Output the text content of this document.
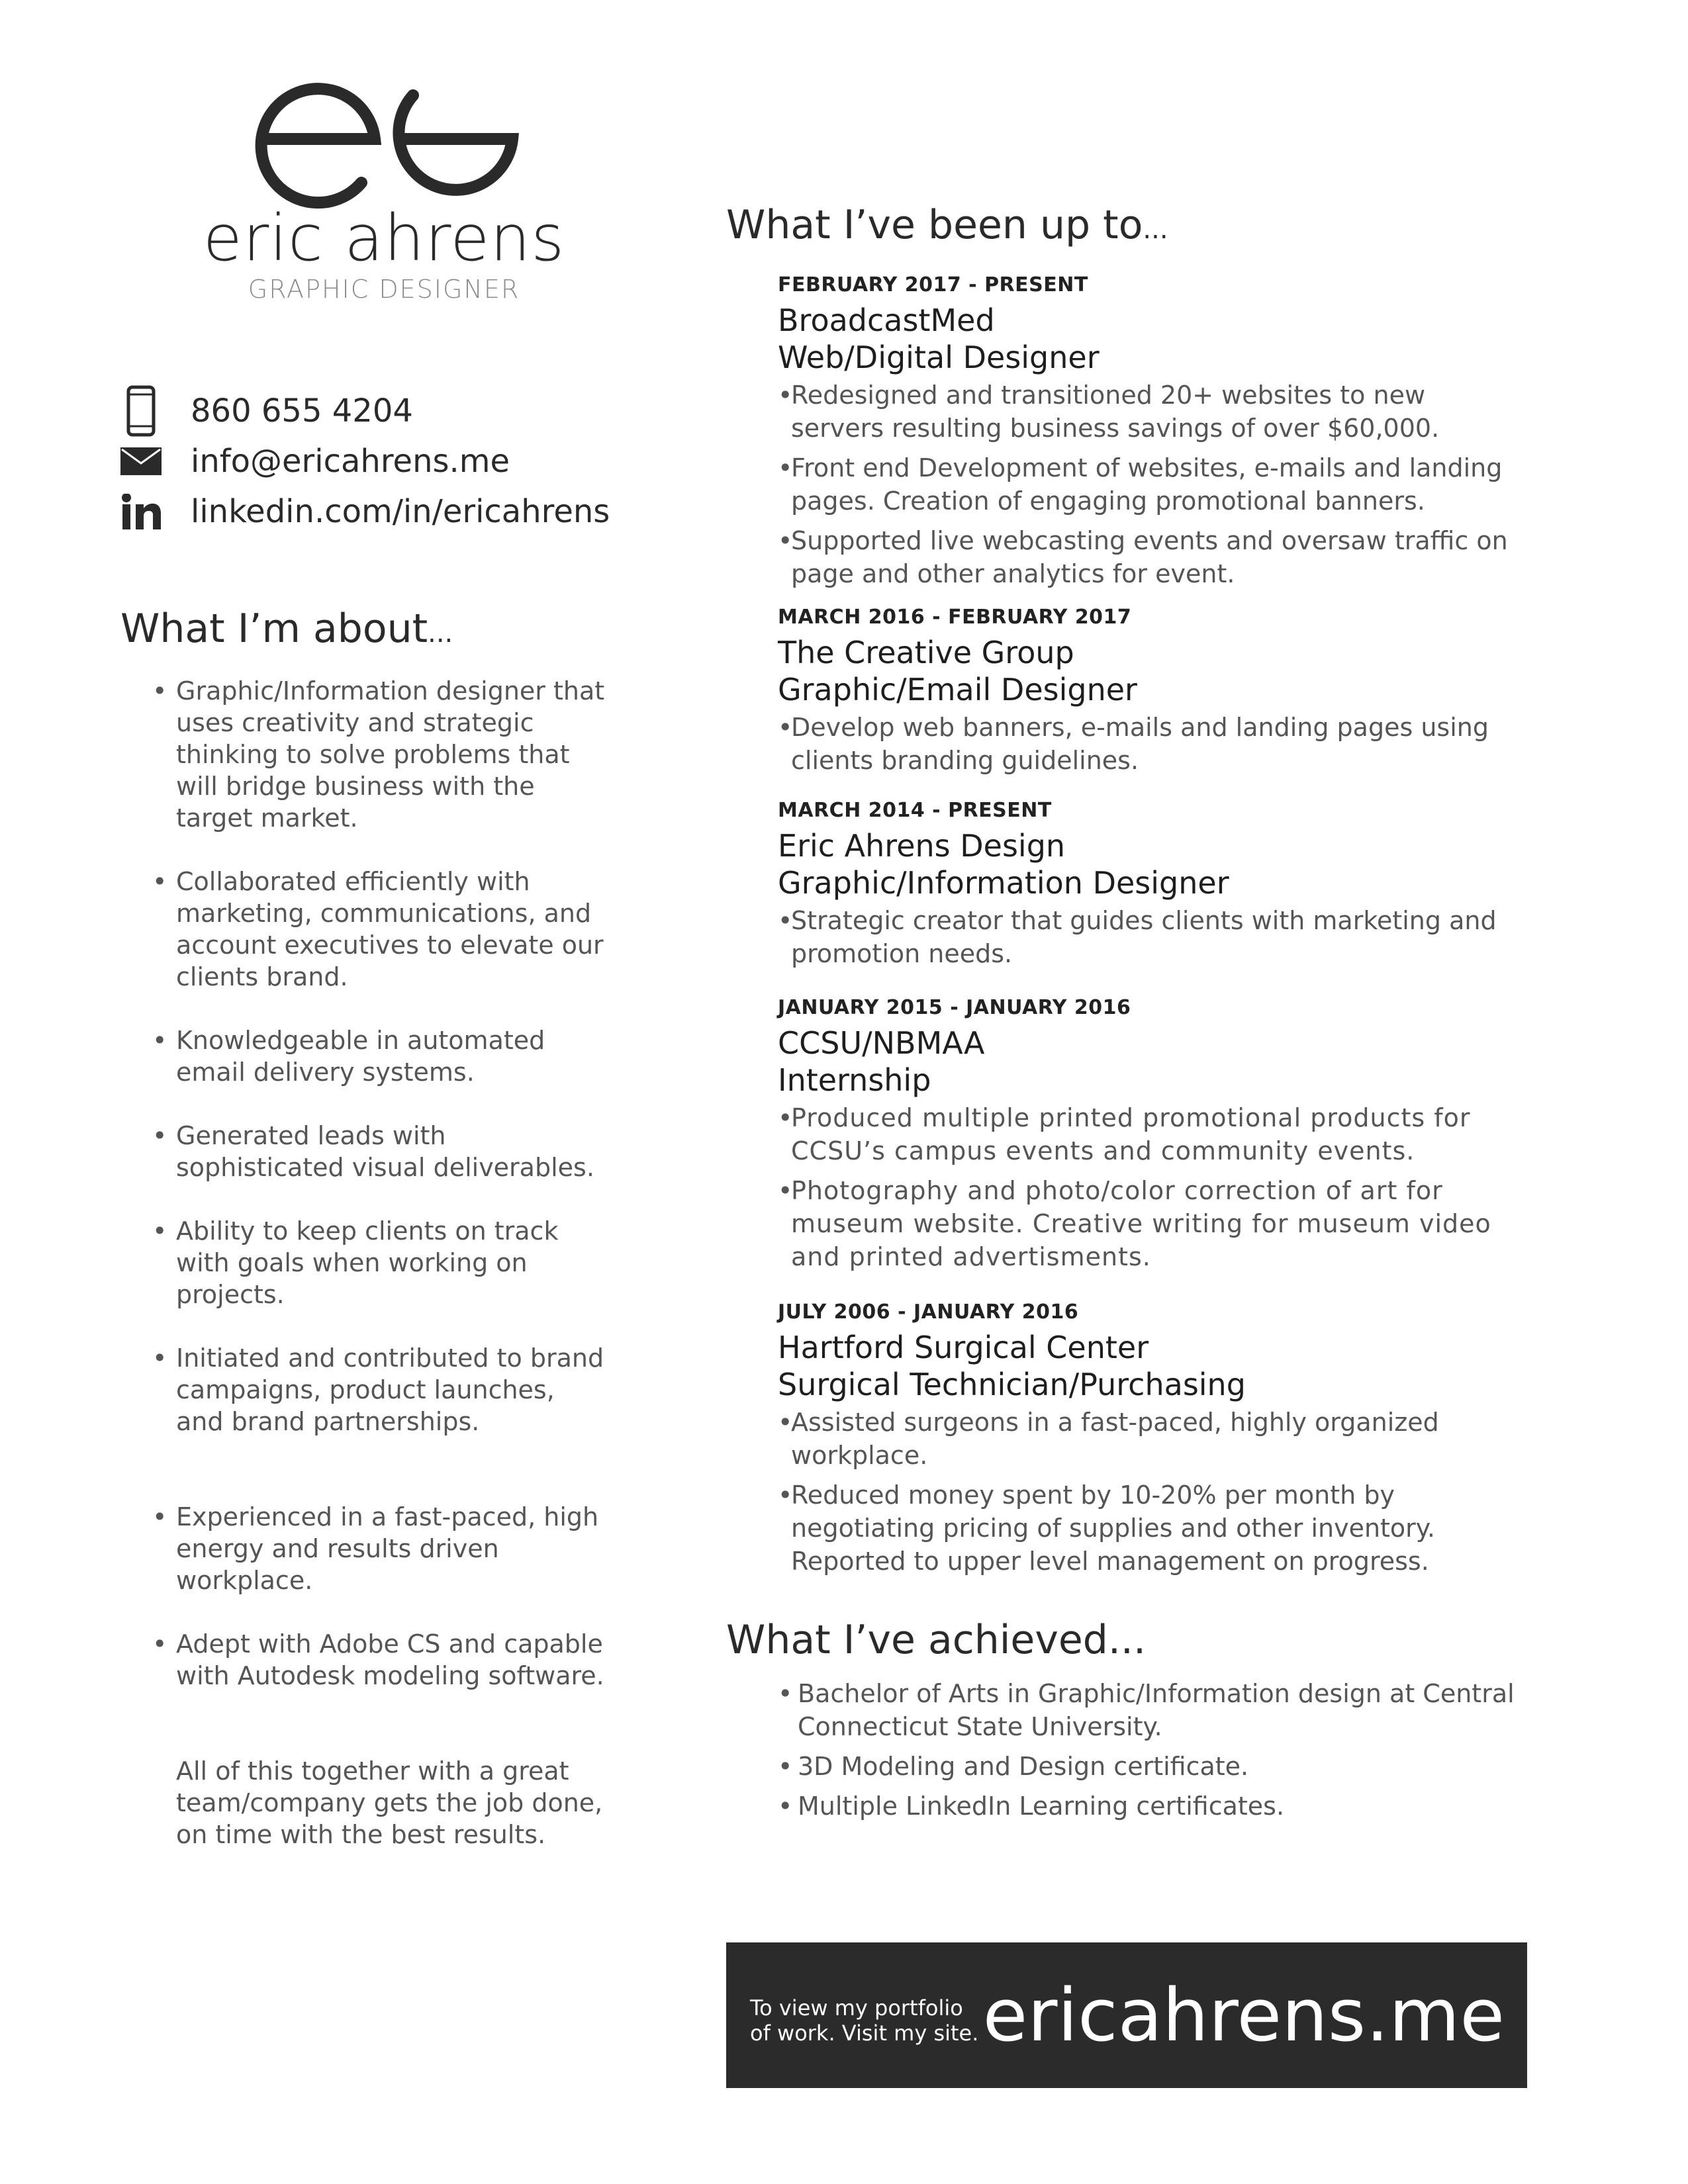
eric ahrens
GRAPHIC DESIGNER
860 655 4204
info@ericahrens.me
linkedin.com/in/ericahrens
What I’m about...
• Graphic/Information designer that uses creativity and strategic thinking to solve problems that will bridge business with the target market.
• Collaborated efficiently with marketing, communications, and account executives to elevate our clients brand.
• Knowledgeable in automated email delivery systems.
• Generated leads with sophisticated visual deliverables.
• Ability to keep clients on track with goals when working on projects.
• Initiated and contributed to brand campaigns, product launches, and brand partnerships.
• Experienced in a fast-paced, high energy and results driven workplace.
• Adept with Adobe CS and capable with Autodesk modeling software.
All of this together with a great team/company gets the job done, on time with the best results.
What I’ve been up to...
FEBRUARY 2017 - PRESENT
BroadcastMed
Web/Digital Designer
•
Redesigned and transitioned 20+ websites to new servers resulting business savings of over $60,000.
•
Front end Development of websites, e-mails and landing pages. Creation of engaging promotional banners.
•
Supported live webcasting events and oversaw traffic on page and other analytics for event.
MARCH 2016 - FEBRUARY 2017
The Creative Group
Graphic/Email Designer
•
Develop web banners, e-mails and landing pages using clients branding guidelines.
MARCH 2014 - PRESENT
Eric Ahrens Design
Graphic/Information Designer
•
Strategic creator that guides clients with marketing and promotion needs.
JANUARY 2015 - JANUARY 2016
CCSU/NBMAA
Internship
•
Produced multiple printed promotional products for CCSU’s campus events and community events.
•
Photography and photo/color correction of art for museum website. Creative writing for museum video and printed advertisments.
JULY 2006 - JANUARY 2016
Hartford Surgical Center
Surgical Technician/Purchasing
•
Assisted surgeons in a fast-paced, highly organized workplace.
•
Reduced money spent by 10-20% per month by negotiating pricing of supplies and other inventory. Reported to upper level management on progress.
What I’ve achieved...
• Bachelor of Arts in Graphic/Information design at Central Connecticut State University.
• 3D Modeling and Design certificate.
• Multiple LinkedIn Learning certificates.
To view my portfolio of work. Visit my site. ericahrens.me
